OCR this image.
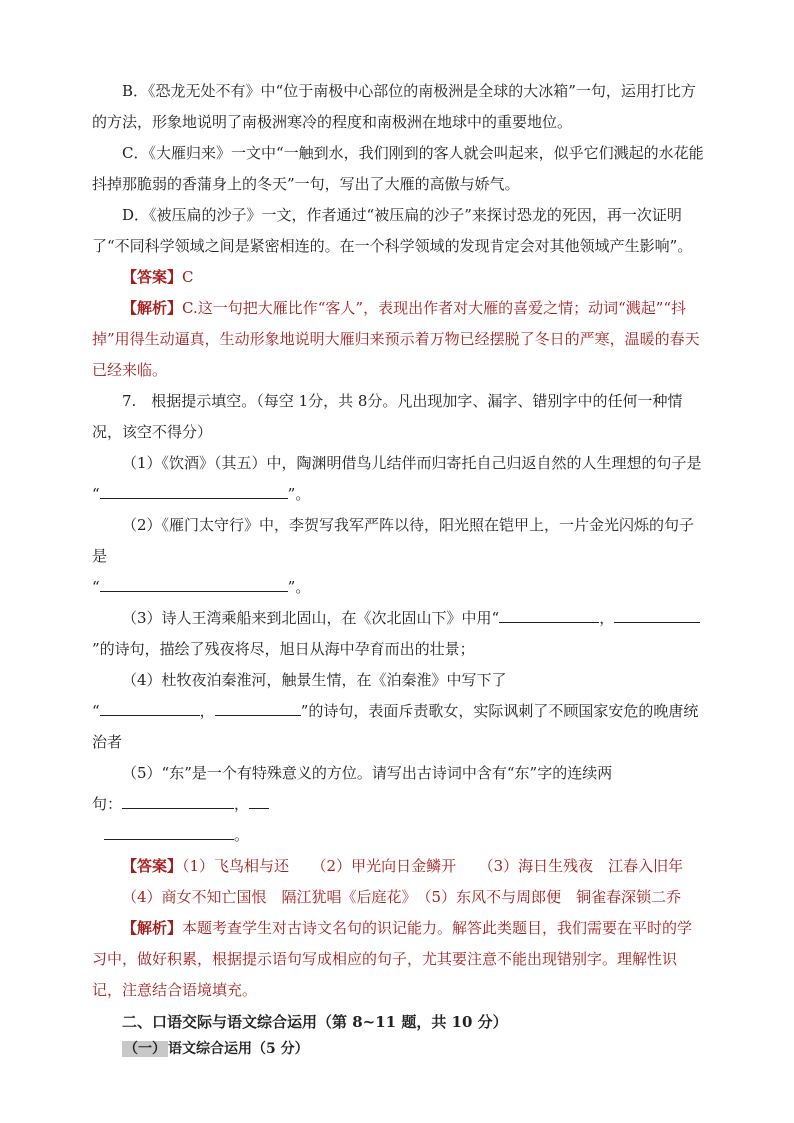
B．《恐龙无处不有》中“位于南极中心部位的南极洲是全球的大冰箱”一句，运用打比方的方法，形象地说明了南极洲寒冷的程度和南极洲在地球中的重要地位。

C．《大雁归来》一文中“一触到水，我们刚到的客人就会叫起来，似乎它们溅起的水花能抖掉那脆弱的香蒲身上的冬天”一句，写出了大雁的高傲与娇气。

D．《被压扁的沙子》一文，作者通过“被压扁的沙子”来探讨恐龙的死因，再一次证明了“不同科学领域之间是紧密相连的。在一个科学领域的发现肯定会对其他领域产生影响”。

【答案】C

【解析】C.这一句把大雁比作“客人”，表现出作者对大雁的喜爱之情；动词“溅起”“抖掉”用得生动逼真，生动形象地说明大雁归来预示着万物已经摆脱了冬日的严寒，温暖的春天已经来临。

7.　根据提示填空。（每空 1分，共 8分。凡出现加字、漏字、错别字中的任何一种情况，该空不得分）

（1）《饮酒》（其五）中，陶渊明借鸟儿结伴而归寄托自己归返自然的人生理想的句子是

“	”。

（2）《雁门太守行》中，李贺写我军严阵以待，阳光照在铠甲上，一片金光闪烁的句子是

“	”。

（3）诗人王湾乘船来到北固山，在《次北固山下》中用“	，”的诗句，描绘了残夜将尽，旭日从海中孕育而出的壮景；

（4）杜牧夜泊秦淮河，触景生情，在《泊秦淮》中写下了

“	，	”的诗句，表面斥责歌女，实际讽刺了不顾国家安危的晚唐统治者

（5）“东”是一个有特殊意义的方位。请写出古诗词中含有“东”字的连续两

句：	，

。

【答案】（1）飞鸟相与还　　（2）甲光向日金鳞开　　（3）海日生残夜　江春入旧年

（4）商女不知亡国恨　隔江犹唱《后庭花》　（5）东风不与周郎便　铜雀春深锁二乔

【解析】本题考查学生对古诗文名句的识记能力。解答此类题目，我们需要在平时的学习中，做好积累，根据提示语句写成相应的句子，尤其要注意不能出现错别字。理解性识记，注意结合语境填充。

二、口语交际与语文综合运用（第 8~11 题，共 10 分）

（一） 语文综合运用（5 分）
